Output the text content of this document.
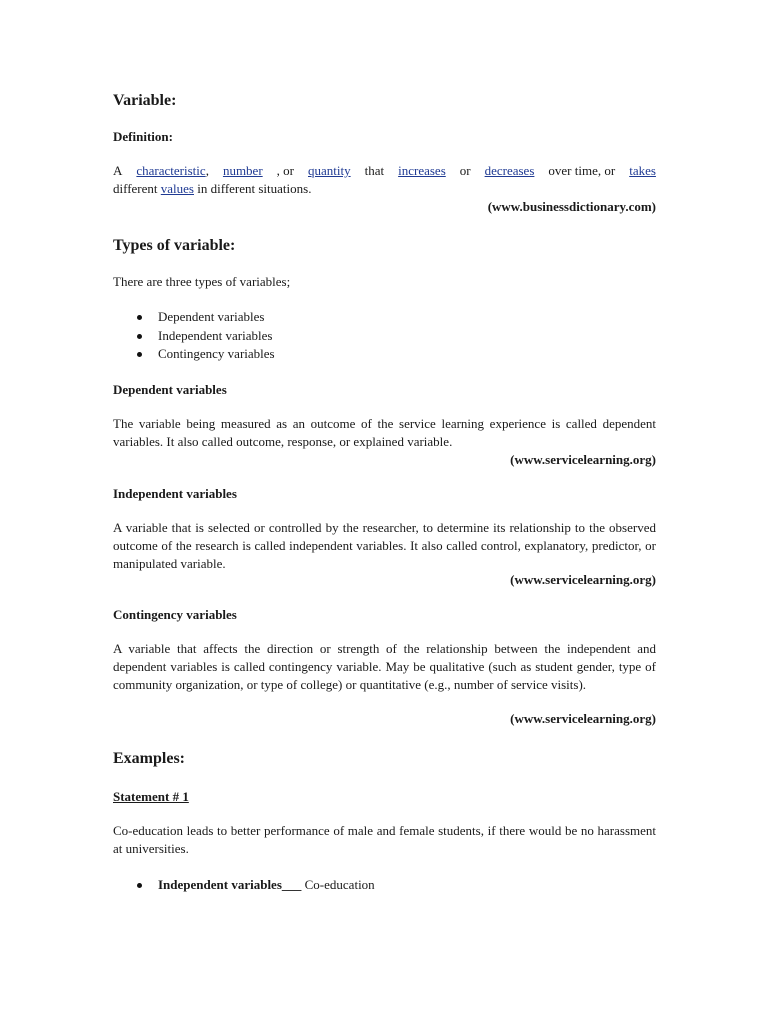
Variable:
Definition:
A characteristic, number , or quantity that increases or decreases over time, or takes
different values in different situations.
(www.businessdictionary.com)
Types of variable:
There are three types of variables;
Dependent variables
Independent variables
Contingency variables
Dependent variables
The variable being measured as an outcome of the service learning experience is called dependent variables. It also called outcome, response, or explained variable.
(www.servicelearning.org)
Independent variables
A variable that is selected or controlled by the researcher, to determine its relationship to the observed outcome of the research is called independent variables. It also called control, explanatory, predictor, or manipulated variable.
(www.servicelearning.org)
Contingency variables
A variable that affects the direction or strength of the relationship between the independent and dependent variables is called contingency variable. May be qualitative (such as student gender, type of community organization, or type of college) or quantitative (e.g., number of service visits).
(www.servicelearning.org)
Examples:
Statement # 1
Co-education leads to better performance of male and female students, if there would be no harassment at universities.
Independent variables___ Co-education
